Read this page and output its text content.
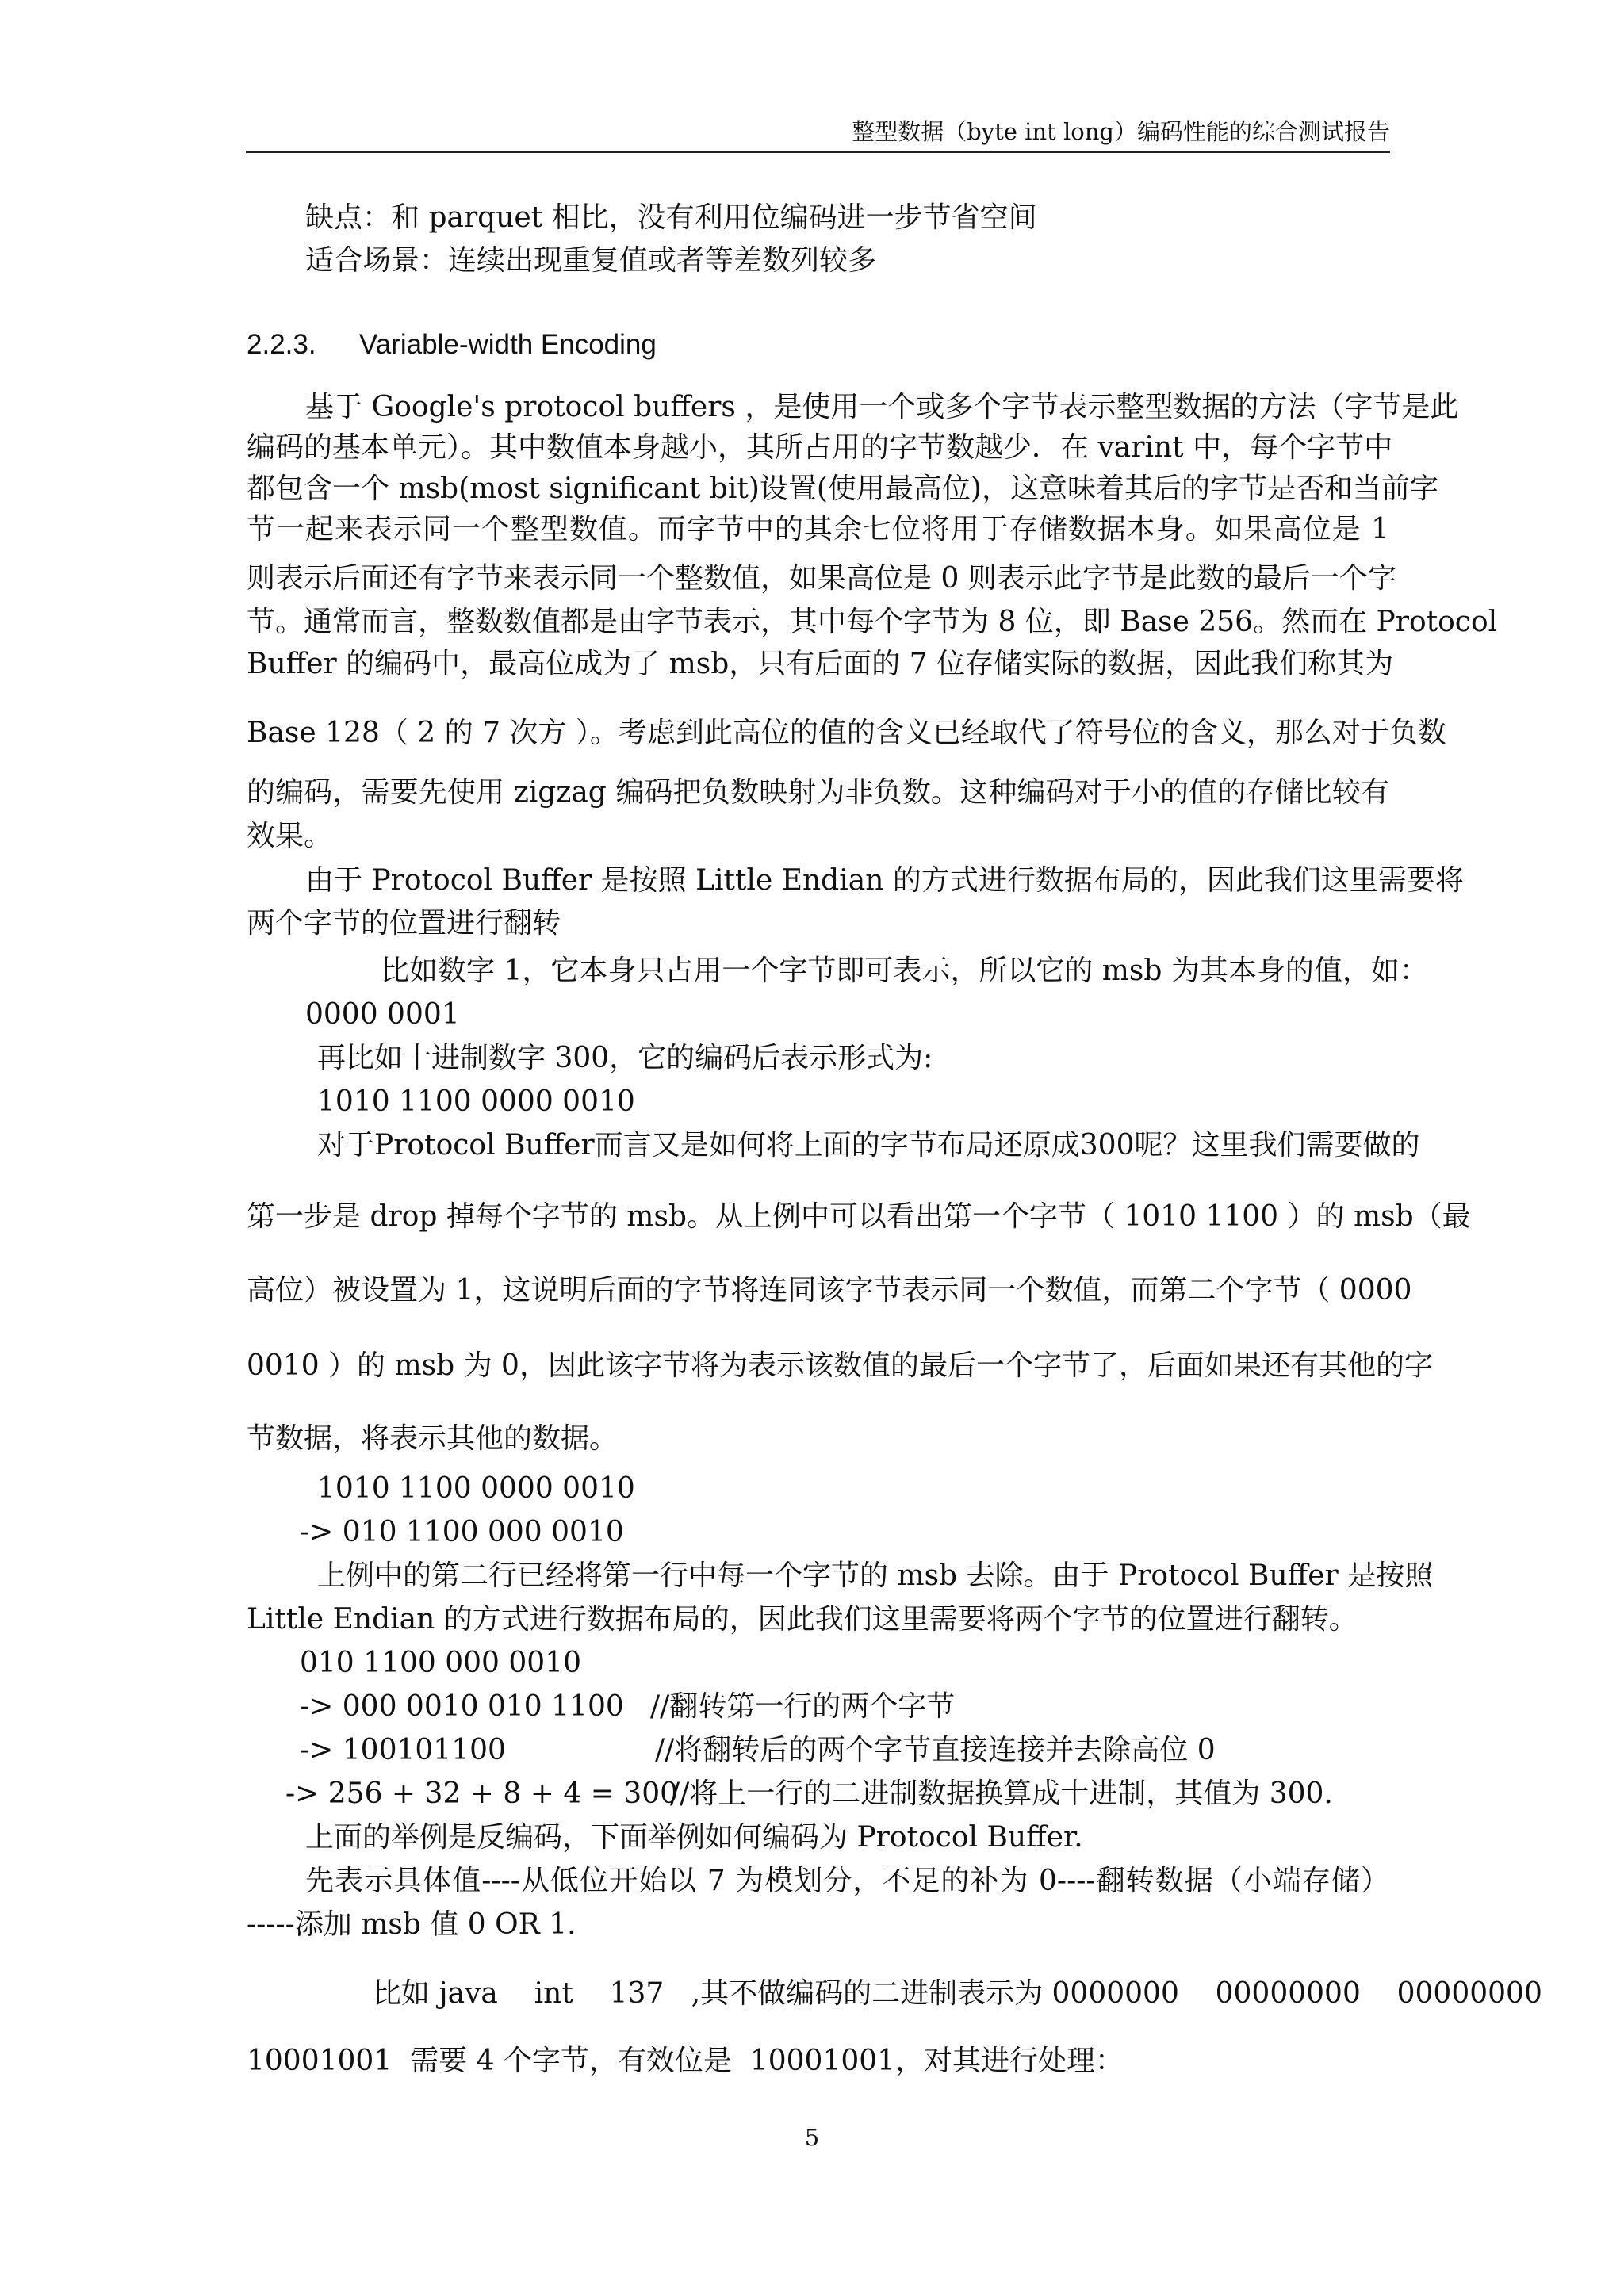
整型数据（byte int long）编码性能的综合测试报告
缺点：和 parquet 相比，没有利用位编码进一步节省空间
适合场景：连续出现重复值或者等差数列较多
2.2.3. Variable-width Encoding
基于 Google's protocol buffers ，是使用一个或多个字节表示整型数据的方法（字节是此
编码的基本单元）。其中数值本身越小，其所占用的字节数越少．在 varint 中，每个字节中
都包含一个 msb(most significant bit)设置(使用最高位)，这意味着其后的字节是否和当前字
节一起来表示同一个整型数值。而字节中的其余七位将用于存储数据本身。如果高位是 1
则表示后面还有字节来表示同一个整数值，如果高位是 0 则表示此字节是此数的最后一个字
节。通常而言，整数数值都是由字节表示，其中每个字节为 8 位，即 Base 256。然而在 Protocol
Buffer 的编码中，最高位成为了 msb，只有后面的 7 位存储实际的数据，因此我们称其为
Base 128（ 2 的 7 次方 ）。考虑到此高位的值的含义已经取代了符号位的含义，那么对于负数
的编码，需要先使用 zigzag 编码把负数映射为非负数。这种编码对于小的值的存储比较有
效果。
由于 Protocol Buffer 是按照 Little Endian 的方式进行数据布局的，因此我们这里需要将
两个字节的位置进行翻转
比如数字 1，它本身只占用一个字节即可表示，所以它的 msb 为其本身的值，如：
0000 0001
再比如十进制数字 300，它的编码后表示形式为:
1010 1100 0000 0010
对于Protocol Buffer而言又是如何将上面的字节布局还原成300呢？这里我们需要做的
第一步是 drop 掉每个字节的 msb。从上例中可以看出第一个字节（ 1010 1100 ）的 msb（最
高位）被设置为 1，这说明后面的字节将连同该字节表示同一个数值，而第二个字节（ 0000
0010 ）的 msb 为 0，因此该字节将为表示该数值的最后一个字节了，后面如果还有其他的字
节数据，将表示其他的数据。
1010 1100 0000 0010
-> 010 1100 000 0010
上例中的第二行已经将第一行中每一个字节的 msb 去除。由于 Protocol Buffer 是按照
Little Endian 的方式进行数据布局的，因此我们这里需要将两个字节的位置进行翻转。
010 1100 000 0010
-> 000 0010 010 1100 //翻转第一行的两个字节
-> 100101100	//将翻转后的两个字节直接连接并去除高位 0
-> 256 + 32 + 8 + 4 = 300
//将上一行的二进制数据换算成十进制，其值为 300.
上面的举例是反编码，下面举例如何编码为 Protocol Buffer.
先表示具体值----从低位开始以 7 为模划分，不足的补为 0----翻转数据（小端存储）
-----添加 msb 值 0 OR 1.
比如 java    int    137   ,其不做编码的二进制表示为 0000000    00000000    00000000
10001001  需要 4 个字节，有效位是  10001001，对其进行处理：
5
